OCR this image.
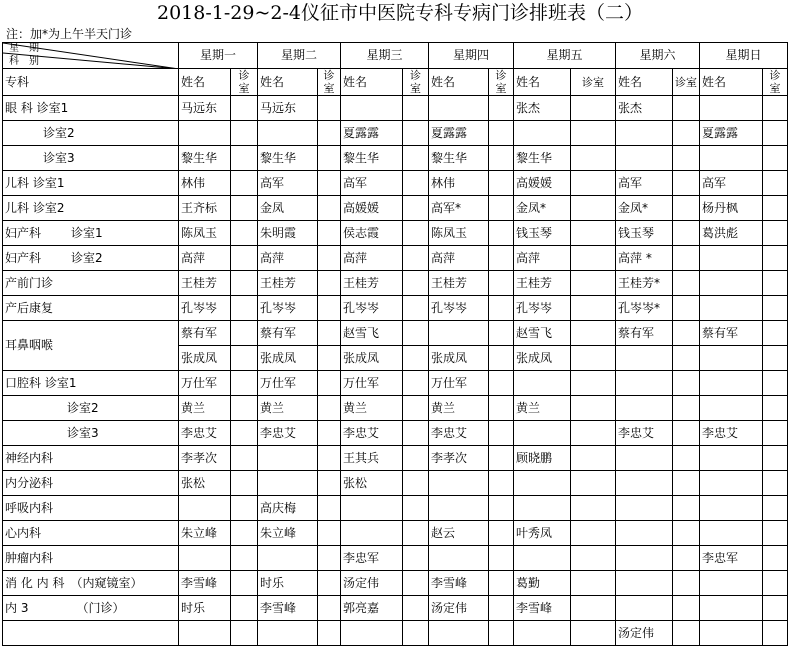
2018-1-29~2-4仪征市中医院专科专病门诊排班表（二）
注：加*为上午半天门诊
星期
科别	星期一		星期二		星期三		星期四		星期五		星期六		星期日	
专科	姓名	诊室	姓名	诊室	姓名	诊室	姓名	诊室	姓名	诊室	姓名	诊室	姓名	诊室
眼 科 诊室1	马远东		马远东						张杰		张杰			
诊室2					夏露露		夏露露						夏露露	
诊室3	黎生华		黎生华		黎生华		黎生华		黎生华					
儿科 诊室1	林伟		高军		高军		林伟		高媛媛		高军		高军	
儿科 诊室2	王齐标		金凤		高媛媛		高军*		金凤*		金凤*		杨丹枫	
妇产科 诊室1	陈凤玉		朱明霞		侯志霞		陈凤玉		钱玉琴		钱玉琴		葛洪彪	
妇产科 诊室2	高萍		高萍		高萍		高萍		高萍		高萍 *			
产前门诊	王桂芳		王桂芳		王桂芳		王桂芳		王桂芳		王桂芳*			
产后康复	孔岑岑		孔岑岑		孔岑岑		孔岑岑		孔岑岑		孔岑岑*			
耳鼻咽喉	蔡有军		蔡有军		赵雪飞				赵雪飞		蔡有军		蔡有军	
	张成凤		张成凤		张成凤		张成凤		张成凤					
口腔科 诊室1	万仕军		万仕军		万仕军		万仕军							
诊室2	黄兰		黄兰		黄兰		黄兰		黄兰					
诊室3	李忠艾		李忠艾		李忠艾		李忠艾				李忠艾		李忠艾	
神经内科	李孝次				王其兵		李孝次		顾晓鹏					
内分泌科	张松				张松									
呼吸内科			高庆梅											
心内科	朱立峰		朱立峰				赵云		叶秀凤					
肿瘤内科					李忠军								李忠军	
消 化 内 科 （内窥镜室）	李雪峰		时乐		汤定伟		李雪峰		葛勤					
内 3 （门诊）	时乐		李雪峰		郭亮嘉		汤定伟		李雪峰					
											汤定伟			
